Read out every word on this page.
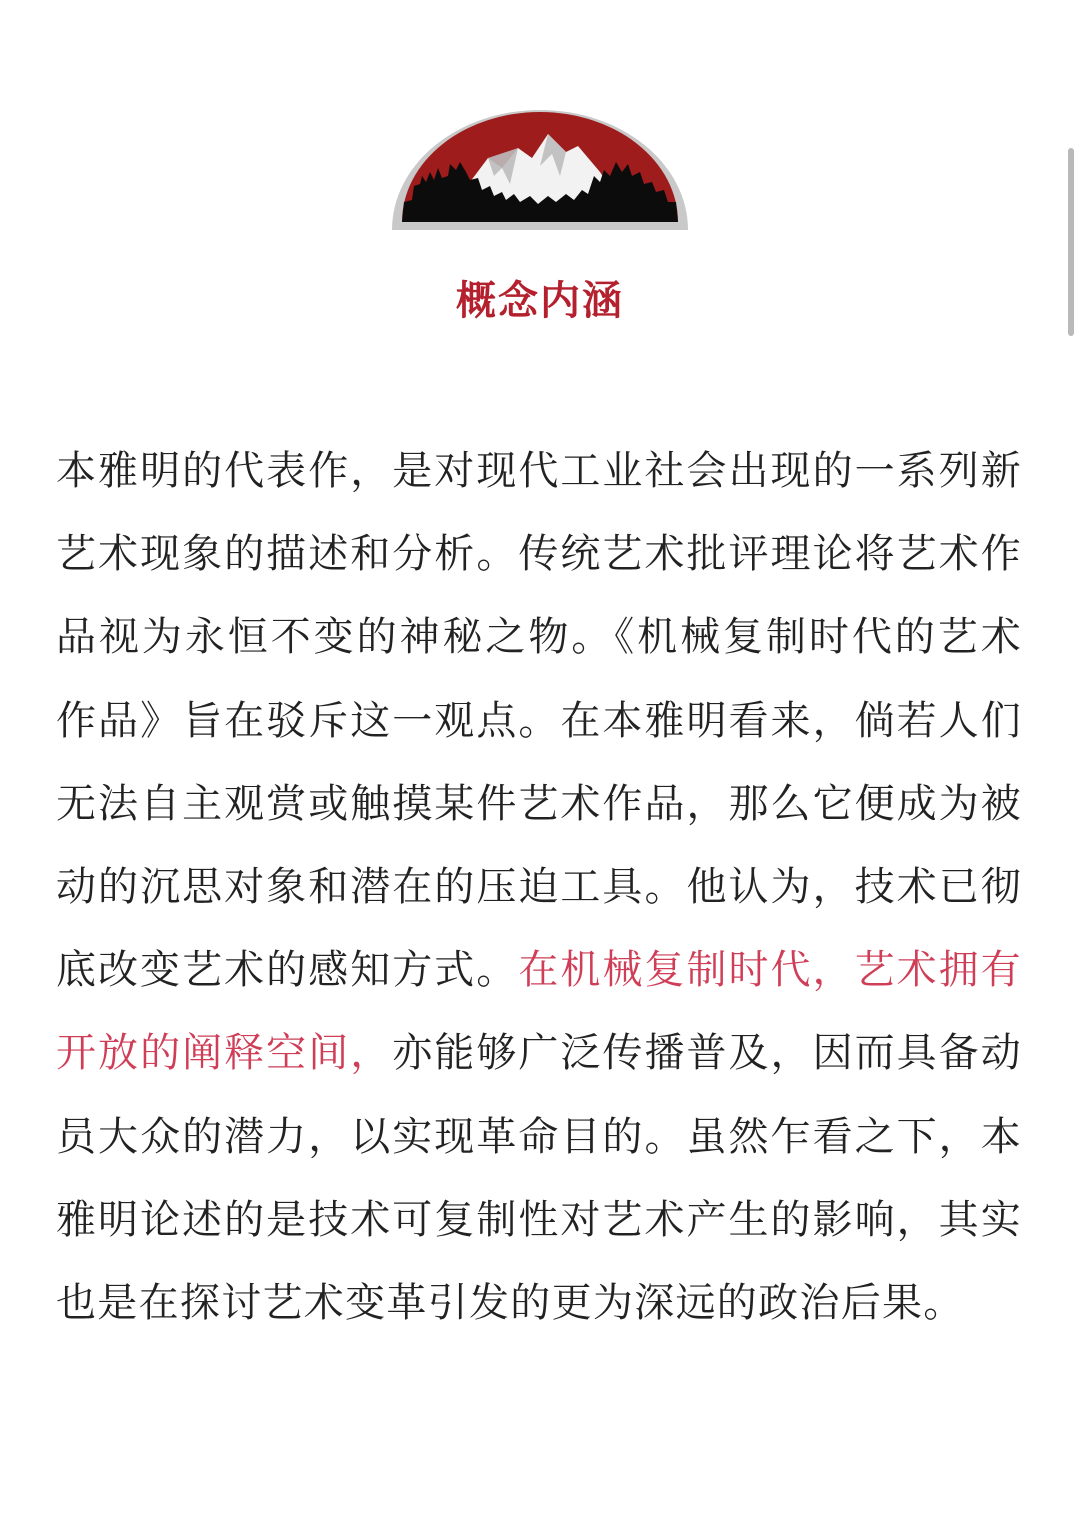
概念内涵

本雅明的代表作，是对现代工业社会出现的一系列新艺术现象的描述和分析。传统艺术批评理论将艺术作品视为永恒不变的神秘之物。《机械复制时代的艺术作品》旨在驳斥这一观点。在本雅明看来，倘若人们无法自主观赏或触摸某件艺术作品，那么它便成为被动的沉思对象和潜在的压迫工具。他认为，技术已彻底改变艺术的感知方式。在机械复制时代，艺术拥有开放的阐释空间，亦能够广泛传播普及，因而具备动员大众的潜力，以实现革命目的。虽然乍看之下，本雅明论述的是技术可复制性对艺术产生的影响，其实也是在探讨艺术变革引发的更为深远的政治后果。
